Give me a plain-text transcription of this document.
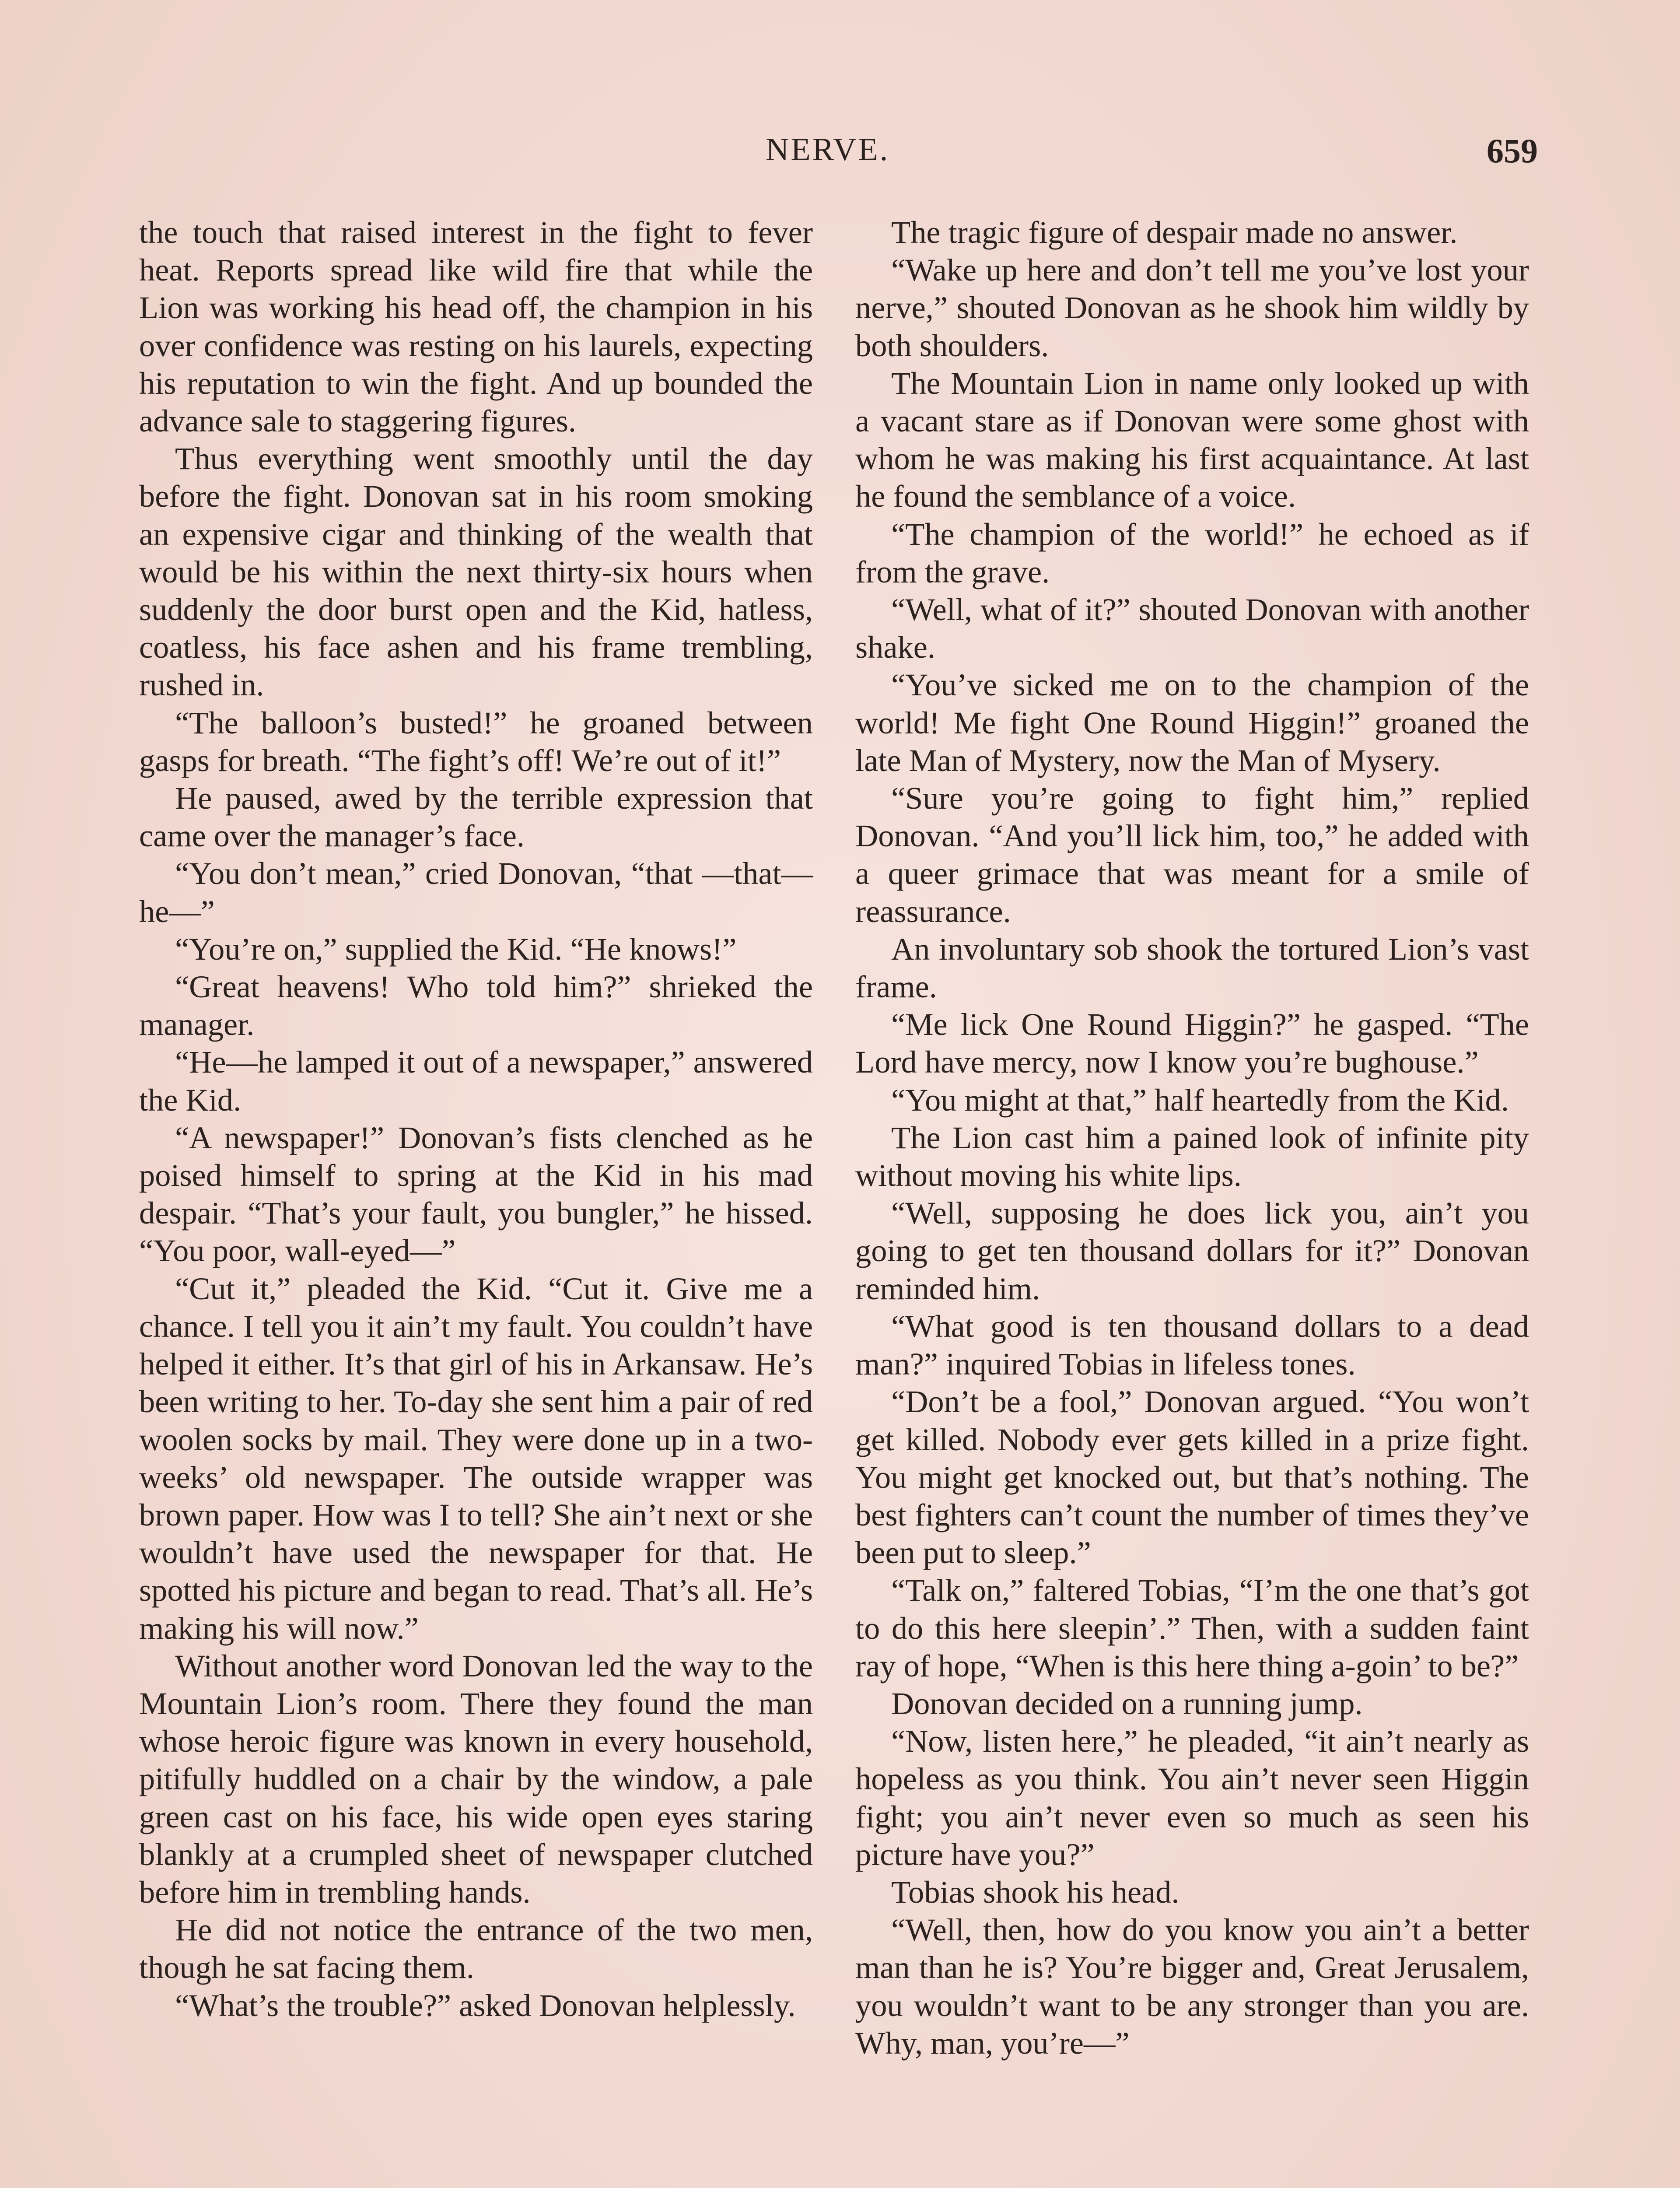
NERVE.	659

the touch that raised interest in the fight to fever heat. Reports spread like wild fire that while the Lion was working his head off, the champion in his over confidence was resting on his laurels, expecting his reputation to win the fight. And up bounded the advance sale to staggering figures.

Thus everything went smoothly until the day before the fight. Donovan sat in his room smoking an expensive cigar and thinking of the wealth that would be his within the next thirty-six hours when suddenly the door burst open and the Kid, hatless, coatless, his face ashen and his frame trembling, rushed in.

“The balloon’s busted!” he groaned between gasps for breath. “The fight’s off! We’re out of it!”

He paused, awed by the terrible expression that came over the manager’s face.

“You don’t mean,” cried Donovan, “that —that—he—”

“You’re on,” supplied the Kid. “He knows!”

“Great heavens! Who told him?” shrieked the manager.

“He—he lamped it out of a newspaper,” answered the Kid.

“A newspaper!” Donovan’s fists clenched as he poised himself to spring at the Kid in his mad despair. “That’s your fault, you bungler,” he hissed. “You poor, wall-eyed—”

“Cut it,” pleaded the Kid. “Cut it. Give me a chance. I tell you it ain’t my fault. You couldn’t have helped it either. It’s that girl of his in Arkansaw. He’s been writing to her. To-day she sent him a pair of red woolen socks by mail. They were done up in a two-weeks’ old newspaper. The outside wrapper was brown paper. How was I to tell? She ain’t next or she wouldn’t have used the newspaper for that. He spotted his picture and began to read. That’s all. He’s making his will now.”

Without another word Donovan led the way to the Mountain Lion’s room. There they found the man whose heroic figure was known in every household, pitifully huddled on a chair by the window, a pale green cast on his face, his wide open eyes staring blankly at a crumpled sheet of newspaper clutched before him in trembling hands.

He did not notice the entrance of the two men, though he sat facing them.

“What’s the trouble?” asked Donovan helplessly.

The tragic figure of despair made no answer.

“Wake up here and don’t tell me you’ve lost your nerve,” shouted Donovan as he shook him wildly by both shoulders.

The Mountain Lion in name only looked up with a vacant stare as if Donovan were some ghost with whom he was making his first acquaintance. At last he found the semblance of a voice.

“The champion of the world!” he echoed as if from the grave.

“Well, what of it?” shouted Donovan with another shake.

“You’ve sicked me on to the champion of the world! Me fight One Round Higgin!” groaned the late Man of Mystery, now the Man of Mysery.

“Sure you’re going to fight him,” replied Donovan. “And you’ll lick him, too,” he added with a queer grimace that was meant for a smile of reassurance.

An involuntary sob shook the tortured Lion’s vast frame.

“Me lick One Round Higgin?” he gasped. “The Lord have mercy, now I know you’re bughouse.”

“You might at that,” half heartedly from the Kid.

The Lion cast him a pained look of infinite pity without moving his white lips.

“Well, supposing he does lick you, ain’t you going to get ten thousand dollars for it?” Donovan reminded him.

“What good is ten thousand dollars to a dead man?” inquired Tobias in lifeless tones.

“Don’t be a fool,” Donovan argued. “You won’t get killed. Nobody ever gets killed in a prize fight. You might get knocked out, but that’s nothing. The best fighters can’t count the number of times they’ve been put to sleep.”

“Talk on,” faltered Tobias, “I’m the one that’s got to do this here sleepin’.” Then, with a sudden faint ray of hope, “When is this here thing a-goin’ to be?”

Donovan decided on a running jump.

“Now, listen here,” he pleaded, “it ain’t nearly as hopeless as you think. You ain’t never seen Higgin fight; you ain’t never even so much as seen his picture have you?”

Tobias shook his head.

“Well, then, how do you know you ain’t a better man than he is? You’re bigger and, Great Jerusalem, you wouldn’t want to be any stronger than you are. Why, man, you’re—”
